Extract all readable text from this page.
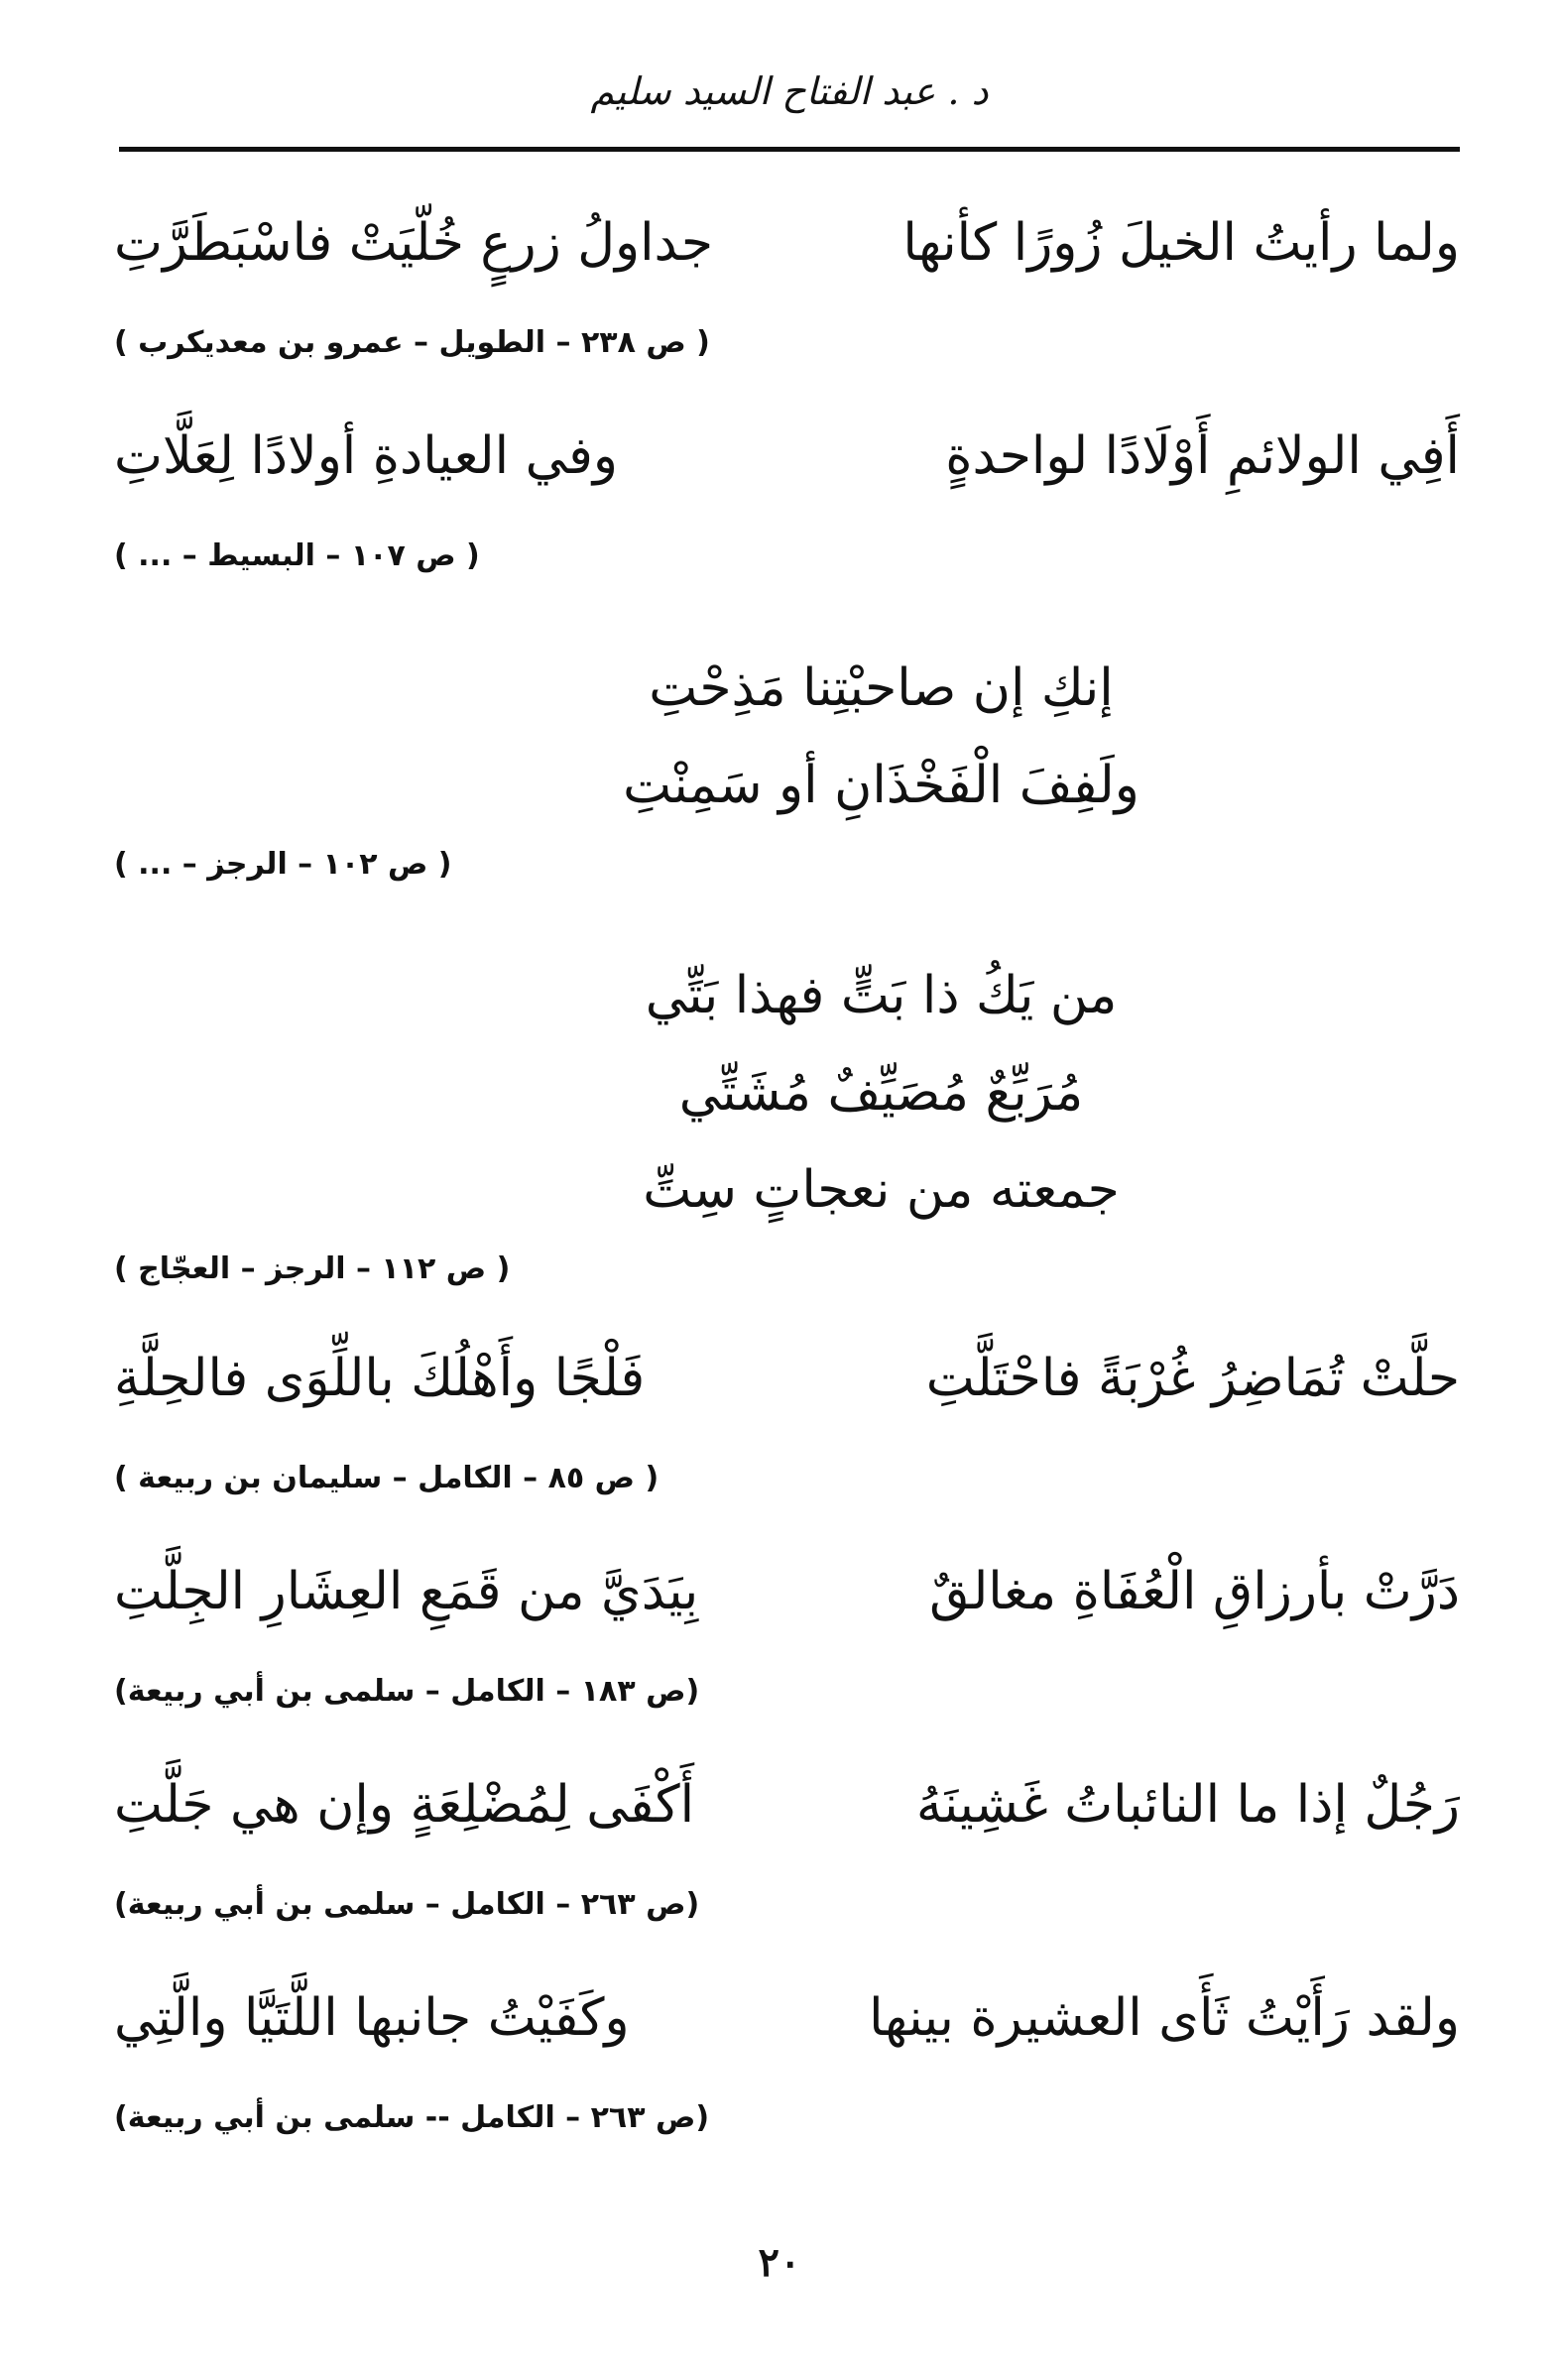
د . عبد الفتاح السيد سليم
ولما رأيتُ الخيلَ زُورًا كأنها
جداولُ زرعٍ خُلّيَتْ فاسْبَطَرَّتِ
( ص ٢٣٨ – الطويل – عمرو بن معديكرب )
أَفِي الولائمِ أَوْلَادًا لواحدةٍ
وفي العيادةِ أولادًا لِعَلَّاتِ
( ص ١٠٧ – البسيط – ... )
إنكِ إن صاحبْتِنا مَذِحْتِ
ولَفِفَ الْفَخْذَانِ أو سَمِنْتِ
( ص ١٠٢ – الرجز – ... )
من يَكُ ذا بَتٍّ فهذا بَتِّي
مُرَبِّعٌ مُصَيِّفٌ مُشَتِّي
جمعته من نعجاتٍ سِتِّ
( ص ١١٢ – الرجز – العجّاج )
حلَّتْ تُمَاضِرُ غُرْبَةً فاحْتَلَّتِ
فَلْجًا وأَهْلُكَ باللِّوَى فالحِلَّةِ
( ص ٨٥ – الكامل – سليمان بن ربيعة )
دَرَّتْ بأرزاقِ الْعُفَاةِ مغالقٌ
بِيَدَيَّ من قَمَعِ العِشَارِ الجِلَّتِ
(ص ١٨٣ – الكامل – سلمى بن أبي ربيعة)
رَجُلٌ إذا ما النائباتُ غَشِينَهُ
أَكْفَى لِمُضْلِعَةٍ وإن هي جَلَّتِ
(ص ٢٦٣ – الكامل – سلمى بن أبي ربيعة)
ولقد رَأَيْتُ ثَأَى العشيرة بينها
وكَفَيْتُ جانبها اللَّتَيَّا والَّتِي
(ص ٢٦٣ – الكامل -- سلمى بن أبي ربيعة)
٢٠
